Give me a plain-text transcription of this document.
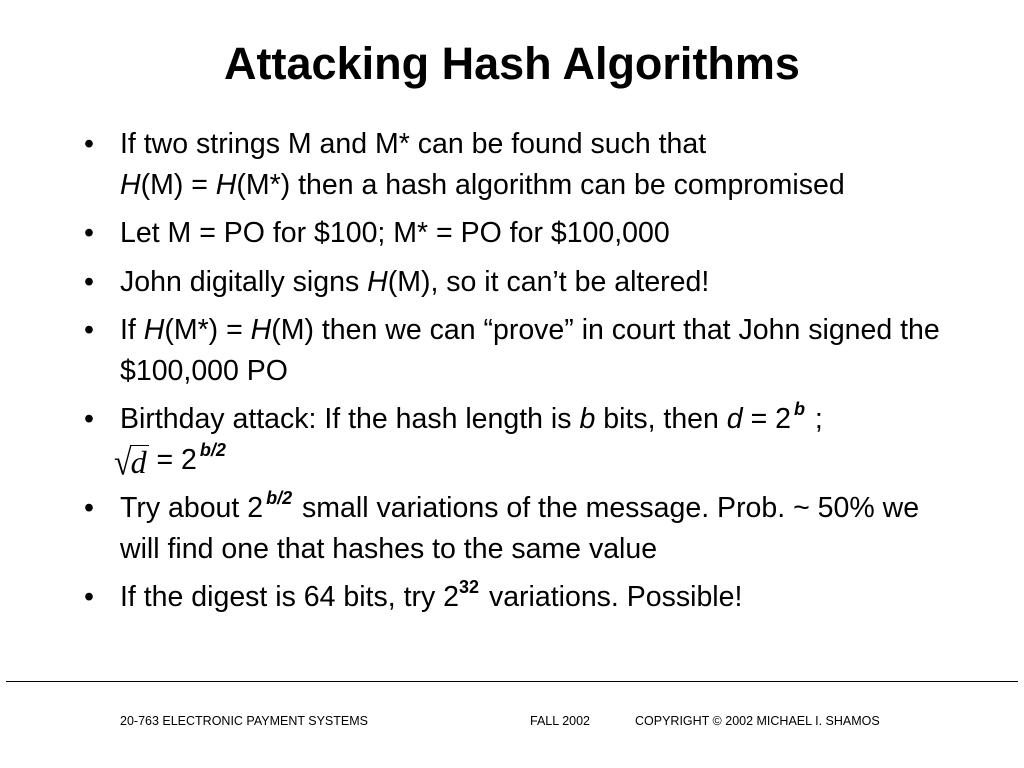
Attacking Hash Algorithms
• If two strings M and M* can be found such that
H(M) = H(M*) then a hash algorithm can be compromised
• Let M = PO for $100; M* = PO for $100,000
• John digitally signs H(M), so it can’t be altered!
• If H(M*) = H(M) then we can “prove” in court that John signed the $100,000 PO
• Birthday attack: If the hash length is b bits, then d = 2 $^b$ ;
√d = 2 $^{b/2}$
• Try about 2 $^{b/2}$ small variations of the message. Prob. ~ 50% we will find one that hashes to the same value
• If the digest is 64 bits, try $2^{32}$ variations. Possible!
20-763 ELECTRONIC PAYMENT SYSTEMS	FALL 2002	COPYRIGHT © 2002 MICHAEL I. SHAMOS
